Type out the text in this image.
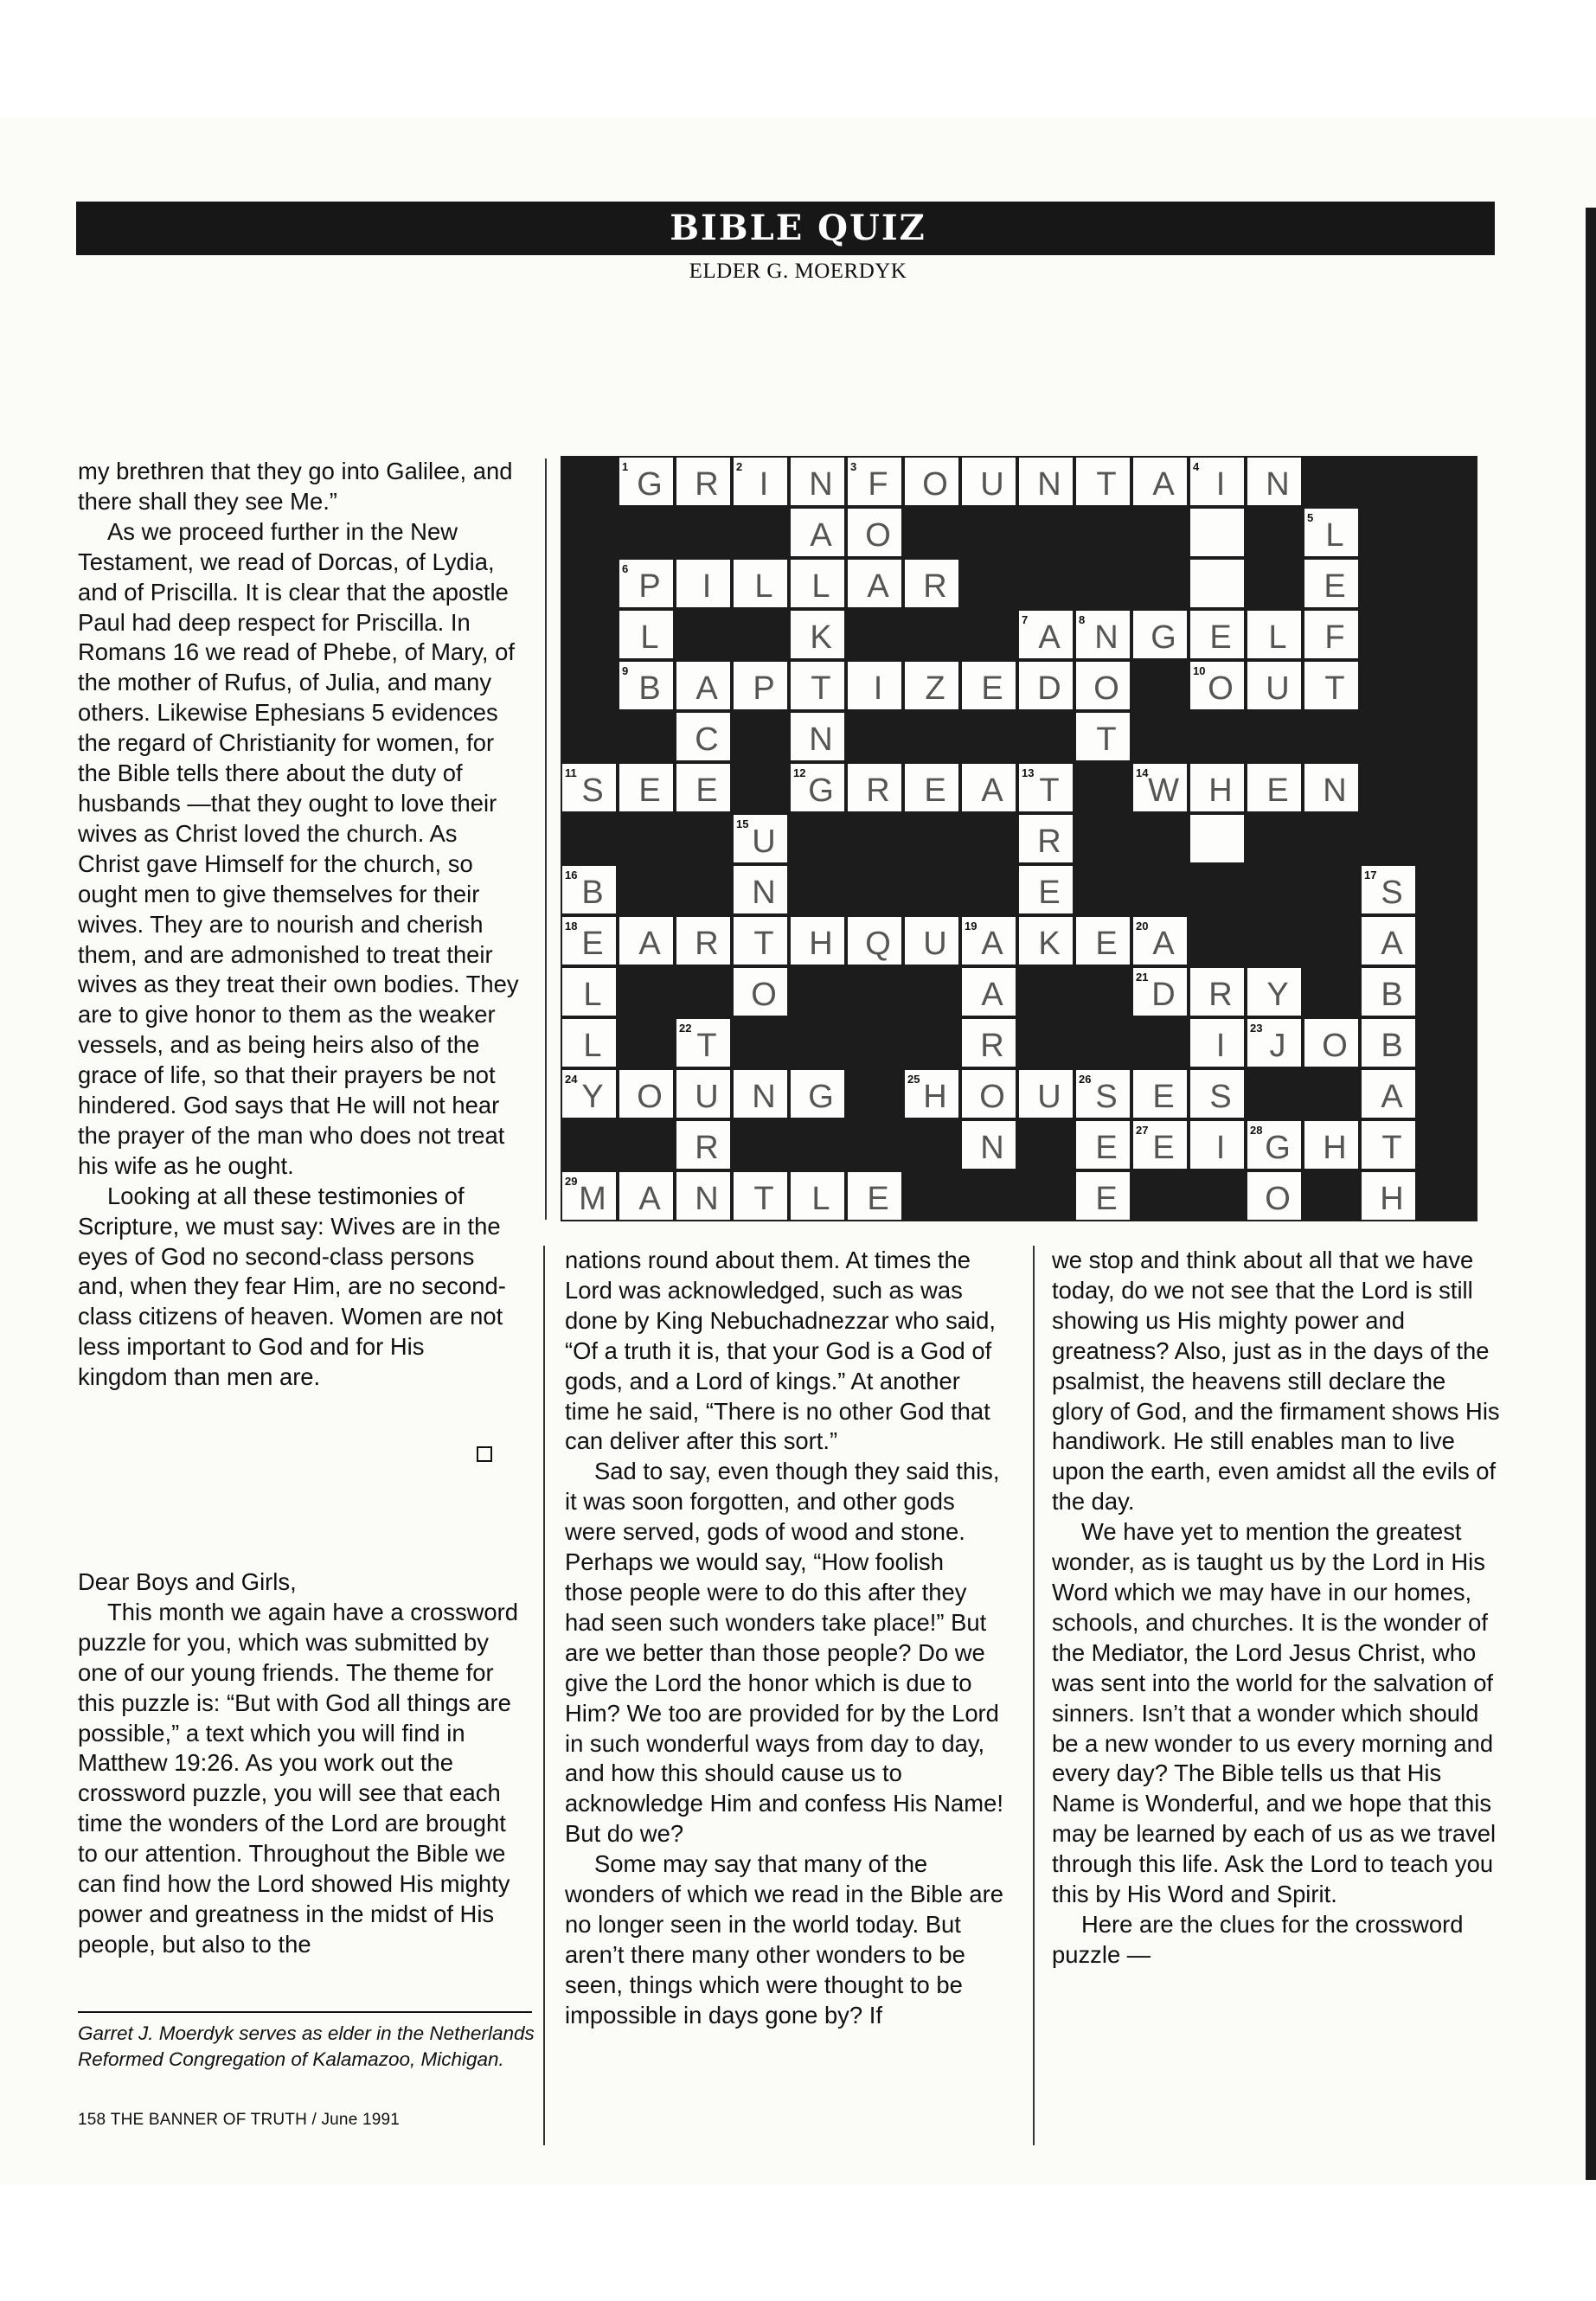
BIBLE QUIZ
ELDER G. MOERDYK

my brethren that they go into Galilee, and there shall they see Me.”

As we proceed further in the New Testament, we read of Dorcas, of Lydia, and of Priscilla. It is clear that the apostle Paul had deep respect for Priscilla. In Romans 16 we read of Phebe, of Mary, of the mother of Rufus, of Julia, and many others. Likewise Ephesians 5 evidences the regard of Christianity for women, for the Bible tells there about the duty of husbands —that they ought to love their wives as Christ loved the church. As Christ gave Himself for the church, so ought men to give themselves for their wives. They are to nourish and cherish them, and are admonished to treat their wives as they treat their own bodies. They are to give honor to them as the weaker vessels, and as being heirs also of the grace of life, so that their prayers be not hindered. God says that He will not hear the prayer of the man who does not treat his wife as he ought.

Looking at all these testimonies of Scripture, we must say: Wives are in the eyes of God no second-class persons and, when they fear Him, are no second-class citizens of heaven. Women are not less important to God and for His kingdom than men are.

Dear Boys and Girls,

This month we again have a crossword puzzle for you, which was submitted by one of our young friends. The theme for this puzzle is: “But with God all things are possible,” a text which you will find in Matthew 19:26. As you work out the crossword puzzle, you will see that each time the wonders of the Lord are brought to our attention. Throughout the Bible we can find how the Lord showed His mighty power and greatness in the midst of His people, but also to the

Garret J. Moerdyk serves as elder in the Netherlands Reformed Congregation of Kalamazoo, Michigan.
158 THE BANNER OF TRUTH / June 1991
1 G R 2 I N 3 F O U N T A 4 I N
A O	5 L
6 P I L L A R	E
L	K	7 A 8 N G E L F
9 B A P T I Z E D O	10 O U T
C	N	T
11 S E E	12 G R E A 13 T	14 W H E N
15 U	R
16 B	N	E	17 S
18 E A R T H Q U 19 A K E 20 A	A
L	O	A	21 D R Y	B
L	22 T	R	I 23 J O B
24 Y O U N G	25 H O U 26 S E S	A
R	N	E 27 E I 28 G H T
29 M A N T L E	E	O	H

nations round about them. At times the Lord was acknowledged, such as was done by King Nebuchadnezzar who said, “Of a truth it is, that your God is a God of gods, and a Lord of kings.” At another time he said, “There is no other God that can deliver after this sort.”

Sad to say, even though they said this, it was soon forgotten, and other gods were served, gods of wood and stone. Perhaps we would say, “How foolish those people were to do this after they had seen such wonders take place!” But are we better than those people? Do we give the Lord the honor which is due to Him? We too are provided for by the Lord in such wonderful ways from day to day, and how this should cause us to acknowledge Him and confess His Name! But do we?

Some may say that many of the wonders of which we read in the Bible are no longer seen in the world today. But aren’t there many other wonders to be seen, things which were thought to be impossible in days gone by? If

we stop and think about all that we have today, do we not see that the Lord is still showing us His mighty power and greatness? Also, just as in the days of the psalmist, the heavens still declare the glory of God, and the firmament shows His handiwork. He still enables man to live upon the earth, even amidst all the evils of the day.

We have yet to mention the greatest wonder, as is taught us by the Lord in His Word which we may have in our homes, schools, and churches. It is the wonder of the Mediator, the Lord Jesus Christ, who was sent into the world for the salvation of sinners. Isn’t that a wonder which should be a new wonder to us every morning and every day? The Bible tells us that His Name is Wonderful, and we hope that this may be learned by each of us as we travel through this life. Ask the Lord to teach you this by His Word and Spirit.

Here are the clues for the crossword puzzle —
